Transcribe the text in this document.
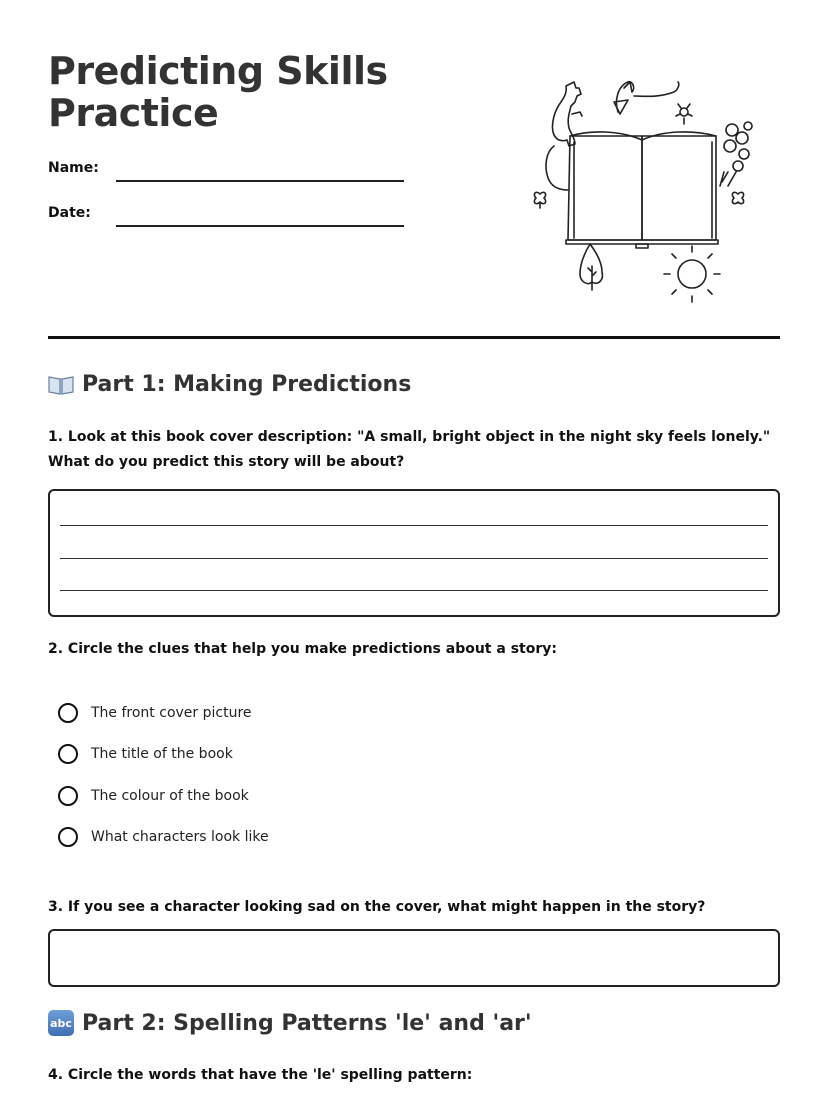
Predicting Skills
Practice
Name:
Date:
Part 1: Making Predictions
1. Look at this book cover description: "A small, bright object in the night sky feels lonely." What do you predict this story will be about?
2. Circle the clues that help you make predictions about a story:
The front cover picture
The title of the book
The colour of the book
What characters look like
3. If you see a character looking sad on the cover, what might happen in the story?
abc Part 2: Spelling Patterns 'le' and 'ar'
4. Circle the words that have the 'le' spelling pattern:
